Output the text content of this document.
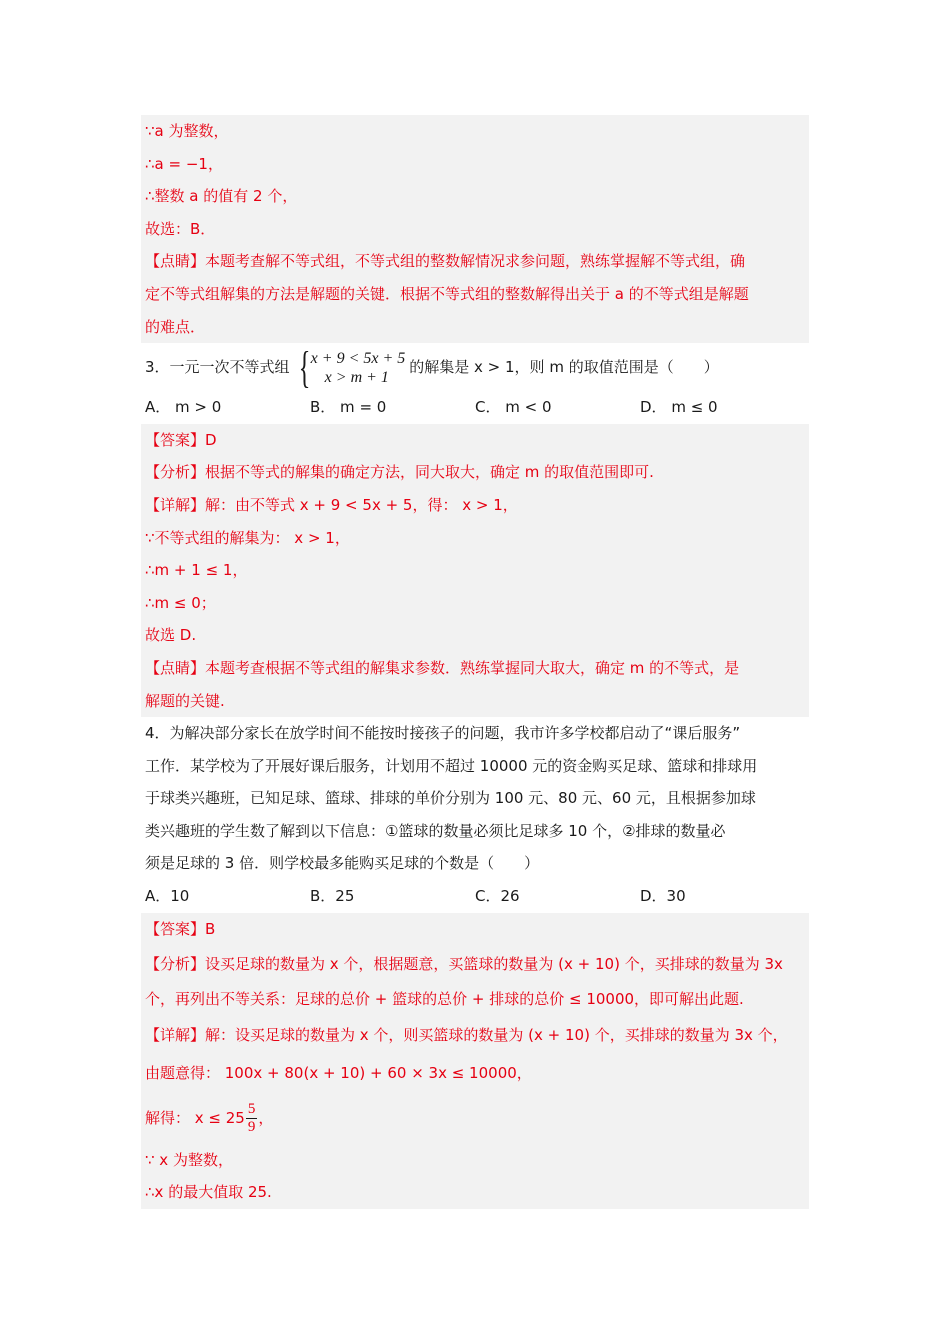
∵a 为整数，
∴a = −1，
∴整数 a 的值有 2 个，
故选：B．
【点睛】本题考查解不等式组，不等式组的整数解情况求参问题，熟练掌握解不等式组，确
定不等式组解集的方法是解题的关键．根据不等式组的整数解得出关于 a 的不等式组是解题
的难点．
3．一元一次不等式组 { x + 9 < 5x + 5
x > m + 1
的解集是 x > 1，则 m 的取值范围是（　　）
A． m > 0	B． m = 0	C． m < 0	D． m ≤ 0
【答案】D
【分析】根据不等式的解集的确定方法，同大取大，确定 m 的取值范围即可.
【详解】解：由不等式 x + 9 < 5x + 5，得： x > 1，
∵不等式组的解集为： x > 1，
∴m + 1 ≤ 1，
∴m ≤ 0；
故选 D.
【点睛】本题考查根据不等式组的解集求参数．熟练掌握同大取大，确定 m 的不等式，是
解题的关键.
4．为解决部分家长在放学时间不能按时接孩子的问题，我市许多学校都启动了“课后服务”
工作．某学校为了开展好课后服务，计划用不超过 10000 元的资金购买足球、篮球和排球用
于球类兴趣班，已知足球、篮球、排球的单价分别为 100 元、80 元、60 元，且根据参加球
类兴趣班的学生数了解到以下信息：①篮球的数量必须比足球多 10 个，②排球的数量必
须是足球的 3 倍．则学校最多能购买足球的个数是（　　）
A．10	B．25	C．26	D．30
【答案】B
【分析】设买足球的数量为 x 个，根据题意，买篮球的数量为 (x + 10) 个，买排球的数量为 3x
个，再列出不等关系：足球的总价 + 篮球的总价 + 排球的总价 ≤ 10000，即可解出此题.
【详解】解：设买足球的数量为 x 个，则买篮球的数量为 (x + 10) 个，买排球的数量为 3x 个，
由题意得： 100x + 80(x + 10) + 60 × 3x ≤ 10000，
解得： $x \le 25 \frac{5}{9}$ ，
∵ x 为整数，
∴x 的最大值取 25.
